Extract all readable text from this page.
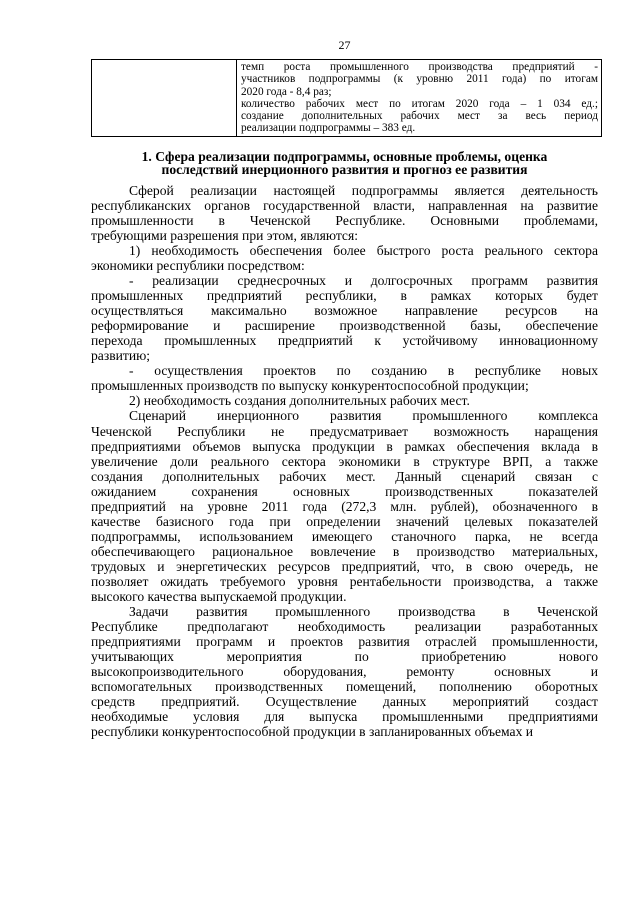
27

темп роста промышленного производства предприятий -
участников подпрограммы (к уровню 2011 года) по итогам
2020 года - 8,4 раз;
количество рабочих мест по итогам 2020 года – 1 034 ед.;
создание дополнительных рабочих мест за весь период
реализации подпрограммы – 383 ед.
1. Сфера реализации подпрограммы, основные проблемы, оценка
последствий инерционного развития и прогноз ее развития
Сферой реализации настоящей подпрограммы является деятельность
республиканских органов государственной власти, направленная на развитие
промышленности в Чеченской Республике. Основными проблемами,
требующими разрешения при этом, являются:
1) необходимость обеспечения более быстрого роста реального сектора
экономики республики посредством:
- реализации среднесрочных и долгосрочных программ развития
промышленных предприятий республики, в рамках которых будет
осуществляться максимально возможное направление ресурсов на
реформирование и расширение производственной базы, обеспечение
перехода промышленных предприятий к устойчивому инновационному
развитию;
- осуществления проектов по созданию в республике новых
промышленных производств по выпуску конкурентоспособной продукции;
2) необходимость создания дополнительных рабочих мест.
Сценарий инерционного развития промышленного комплекса
Чеченской Республики не предусматривает возможность наращения
предприятиями объемов выпуска продукции в рамках обеспечения вклада в
увеличение доли реального сектора экономики в структуре ВРП, а также
создания дополнительных рабочих мест. Данный сценарий связан с
ожиданием сохранения основных производственных показателей
предприятий на уровне 2011 года (272,3 млн. рублей), обозначенного в
качестве базисного года при определении значений целевых показателей
подпрограммы, использованием имеющего станочного парка, не всегда
обеспечивающего рациональное вовлечение в производство материальных,
трудовых и энергетических ресурсов предприятий, что, в свою очередь, не
позволяет ожидать требуемого уровня рентабельности производства, а также
высокого качества выпускаемой продукции.
Задачи развития промышленного производства в Чеченской
Республике предполагают необходимость реализации разработанных
предприятиями программ и проектов развития отраслей промышленности,
учитывающих мероприятия по приобретению нового
высокопроизводительного оборудования, ремонту основных и
вспомогательных производственных помещений, пополнению оборотных
средств предприятий. Осуществление данных мероприятий создаст
необходимые условия для выпуска промышленными предприятиями
республики конкурентоспособной продукции в запланированных объемах и
